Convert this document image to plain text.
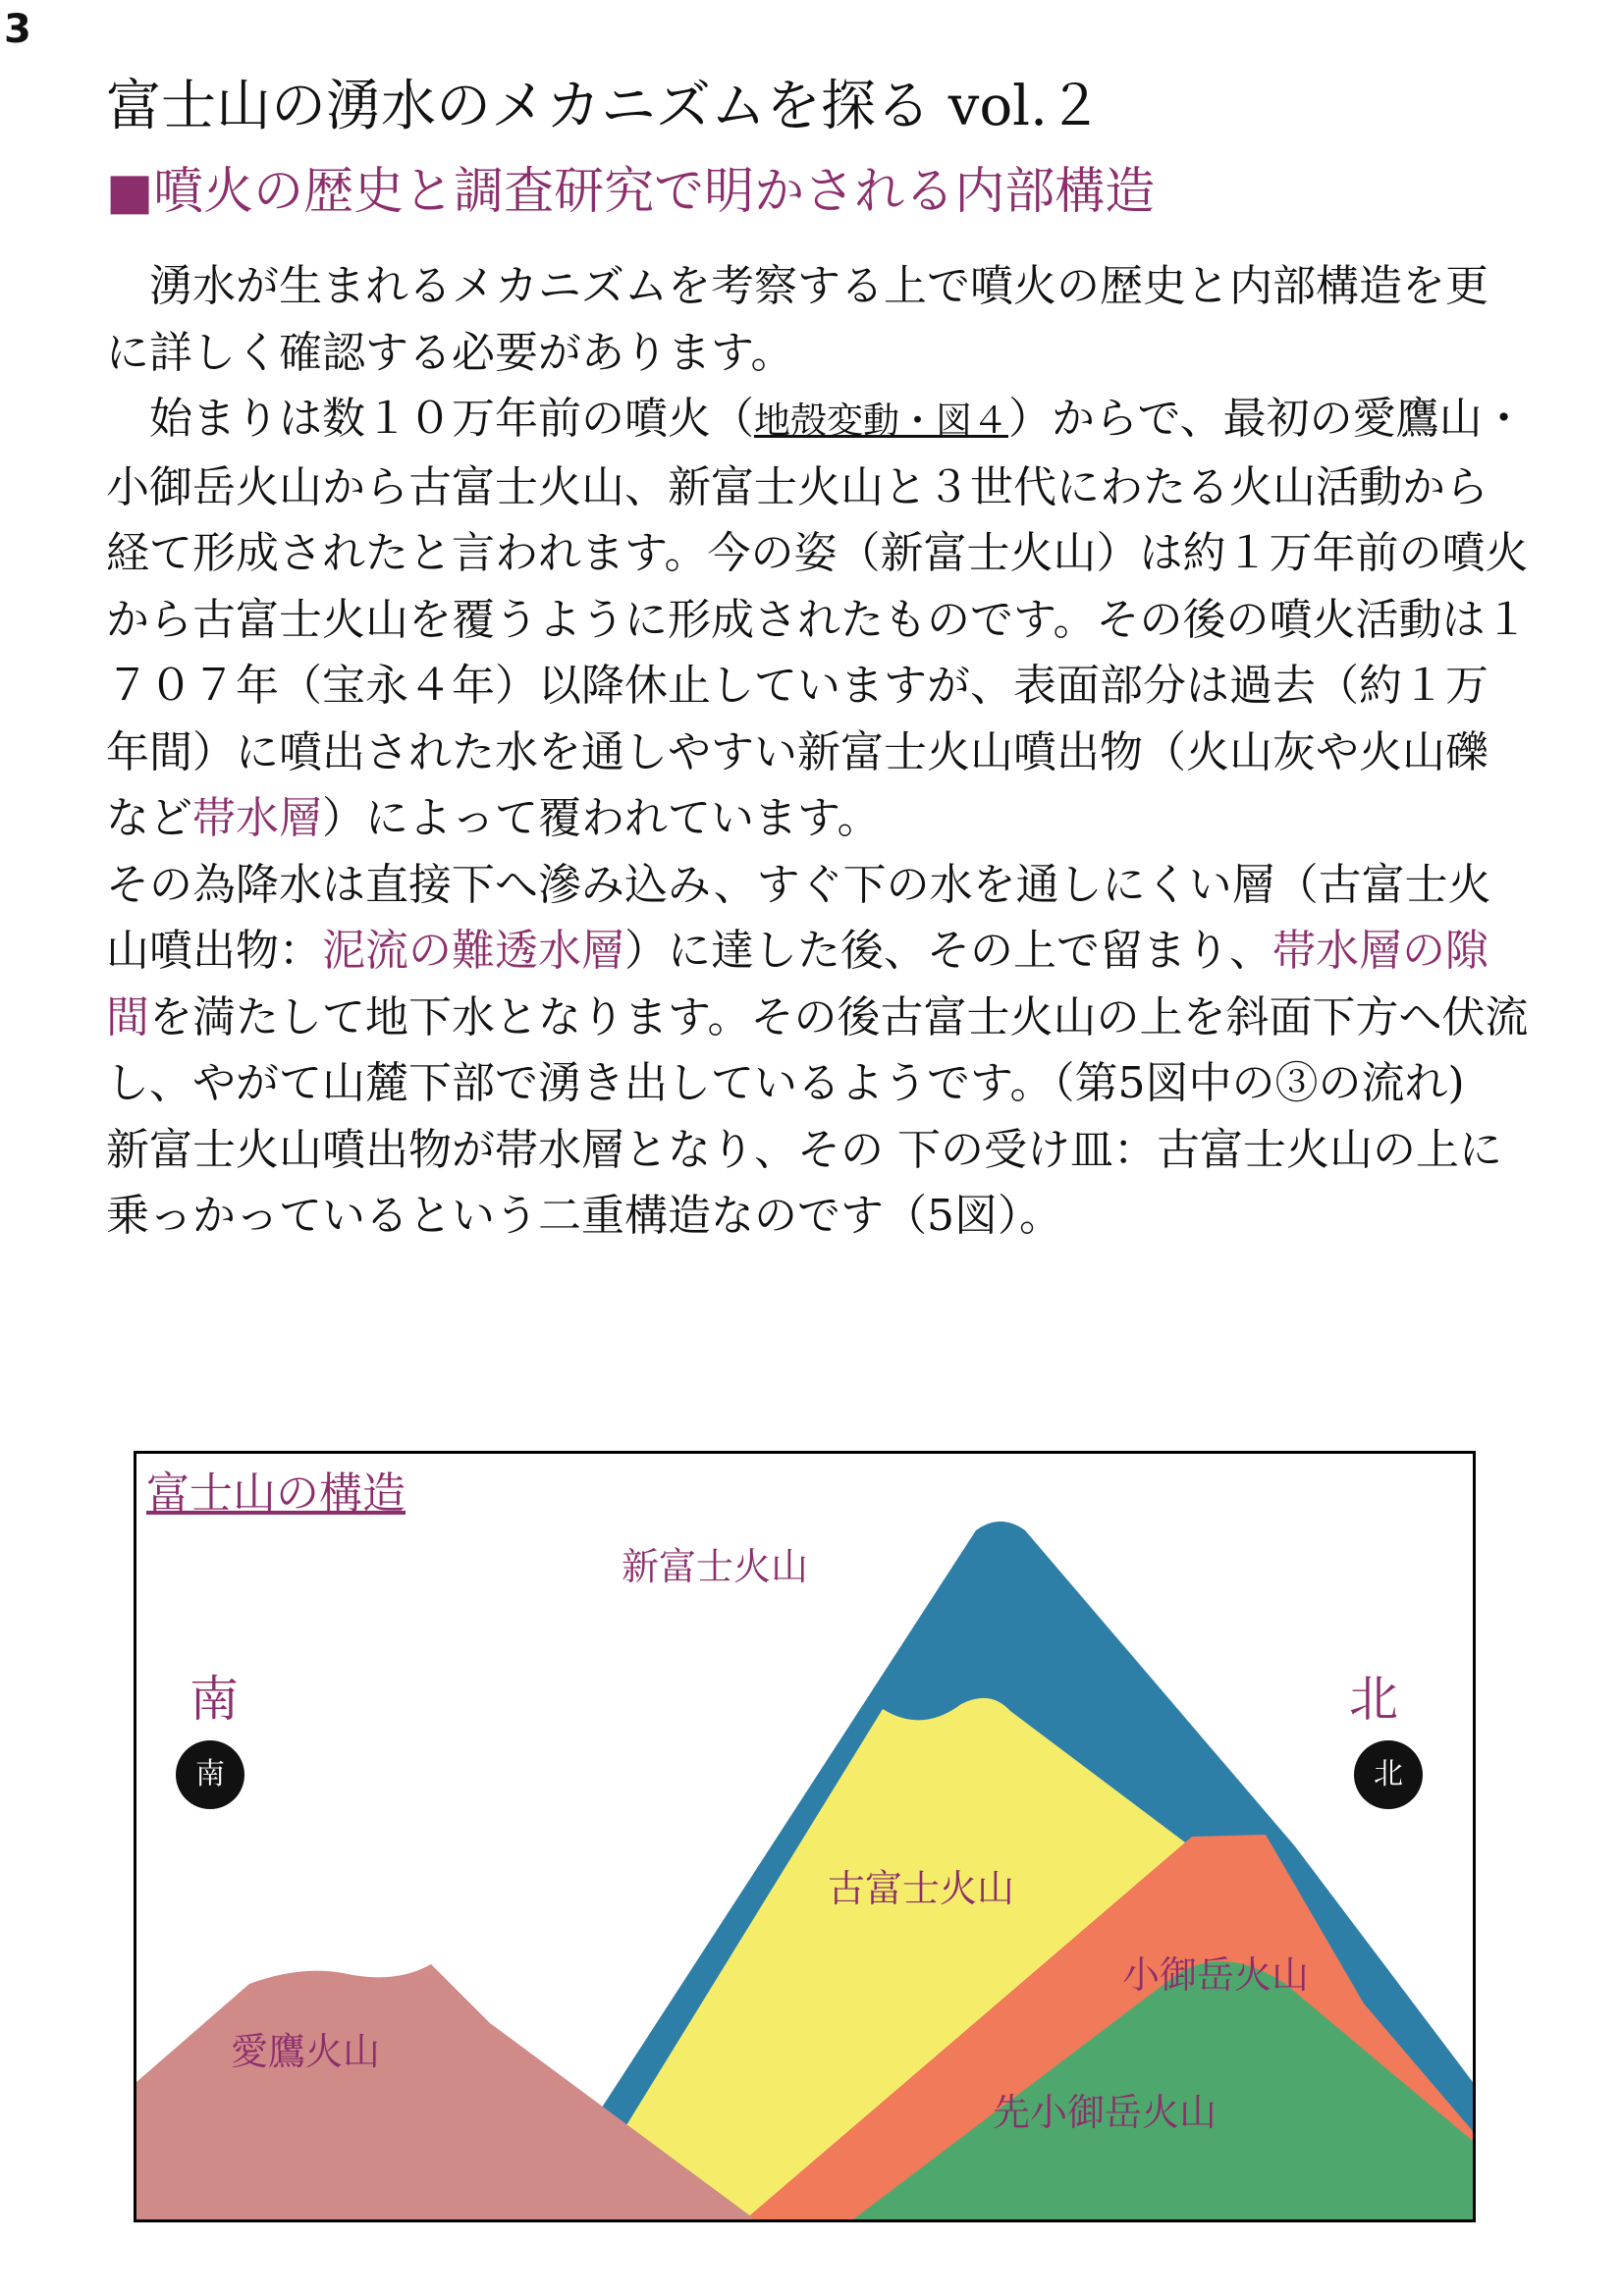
3
富士山の湧水のメカニズムを探る vol.２
■噴火の歴史と調査研究で明かされる内部構造

　湧水が生まれるメカニズムを考察する上で噴火の歴史と内部構造を更に詳しく確認する必要があります。

　始まりは数１０万年前の噴火（地殻変動・図４）からで、最初の愛鷹山・小御岳火山から古富士火山、新富士火山と３世代にわたる火山活動から経て形成されたと言われます。今の姿（新富士火山）は約１万年前の噴火から古富士火山を覆うように形成されたものです。その後の噴火活動は１７０７年（宝永４年）以降休止していますが、表面部分は過去（約１万年間）に噴出された水を通しやすい新富士火山噴出物（火山灰や火山礫など帯水層）によって覆われています。

その為降水は直接下へ滲み込み、すぐ下の水を通しにくい層（古富士火山噴出物：泥流の難透水層）に達した後、その上で留まり、帯水層の隙間を満たして地下水となります。その後古富士火山の上を斜面下方へ伏流し、やがて山麓下部で湧き出しているようです。（第5図中の③の流れ)

新富士火山噴出物が帯水層となり、その 下の受け皿：古富士火山の上に乗っかっているという二重構造なのです（5図）。

富士山の構造
南
南
北
北
新富士火山
古富士火山
小御岳火山
愛鷹火山
先小御岳火山
